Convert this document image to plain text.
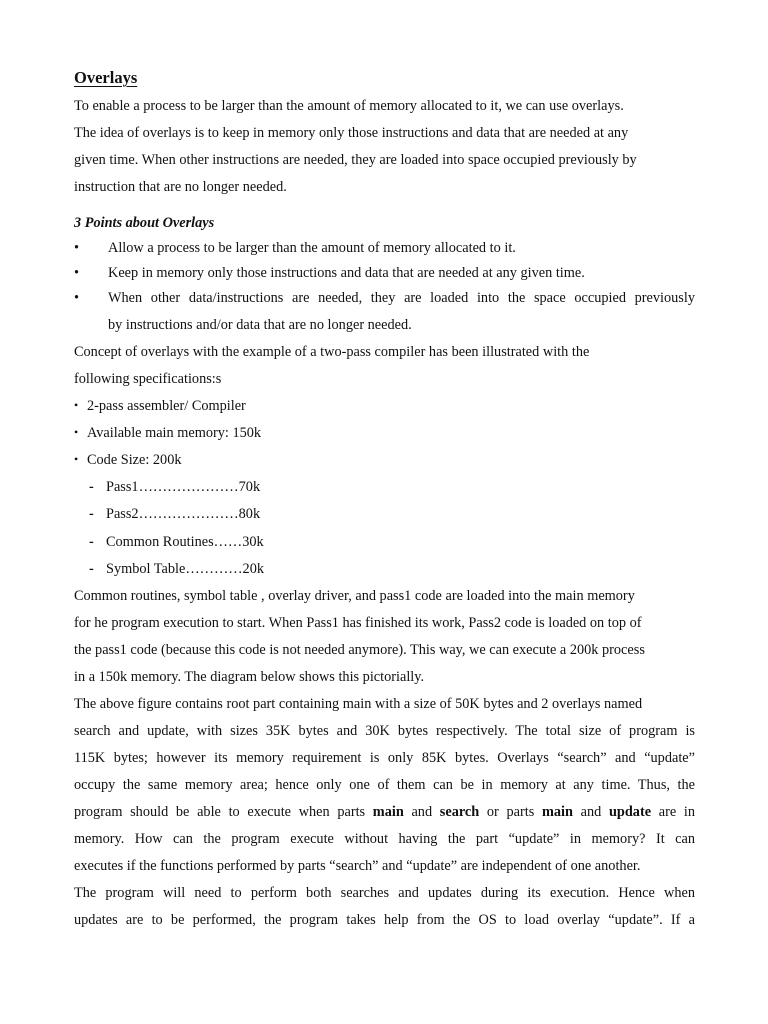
Overlays
To enable a process to be larger than the amount of memory allocated to it, we can use overlays.
The idea of overlays is to keep in memory only those instructions and data that are needed at any
given time. When other instructions are needed, they are loaded into space occupied previously by
instruction that are no longer needed.
3 Points about Overlays
• Allow a process to be larger than the amount of memory allocated to it.
• Keep in memory only those instructions and data that are needed at any given time.
• When other data/instructions are needed, they are loaded into the space occupied previously
by instructions and/or data that are no longer needed.
Concept of overlays with the example of a two-pass compiler has been illustrated with the
following specifications:s
• 2-pass assembler/ Compiler
• Available main memory: 150k
• Code Size: 200k
- Pass1…………………70k
- Pass2…………………80k
- Common Routines……30k
- Symbol Table…………20k
Common routines, symbol table , overlay driver, and pass1 code are loaded into the main memory
for he program execution to start. When Pass1 has finished its work, Pass2 code is loaded on top of
the pass1 code (because this code is not needed anymore). This way, we can execute a 200k process
in a 150k memory. The diagram below shows this pictorially.
The above figure contains root part containing main with a size of 50K bytes and 2 overlays named
search and update, with sizes 35K bytes and 30K bytes respectively. The total size of program is
115K bytes; however its memory requirement is only 85K bytes. Overlays “search” and “update”
occupy the same memory area; hence only one of them can be in memory at any time. Thus, the
program should be able to execute when parts main and search or parts main and update are in
memory. How can the program execute without having the part “update” in memory? It can
executes if the functions performed by parts “search” and “update” are independent of one another.
The program will need to perform both searches and updates during its execution. Hence when
updates are to be performed, the program takes help from the OS to load overlay “update”. If a
